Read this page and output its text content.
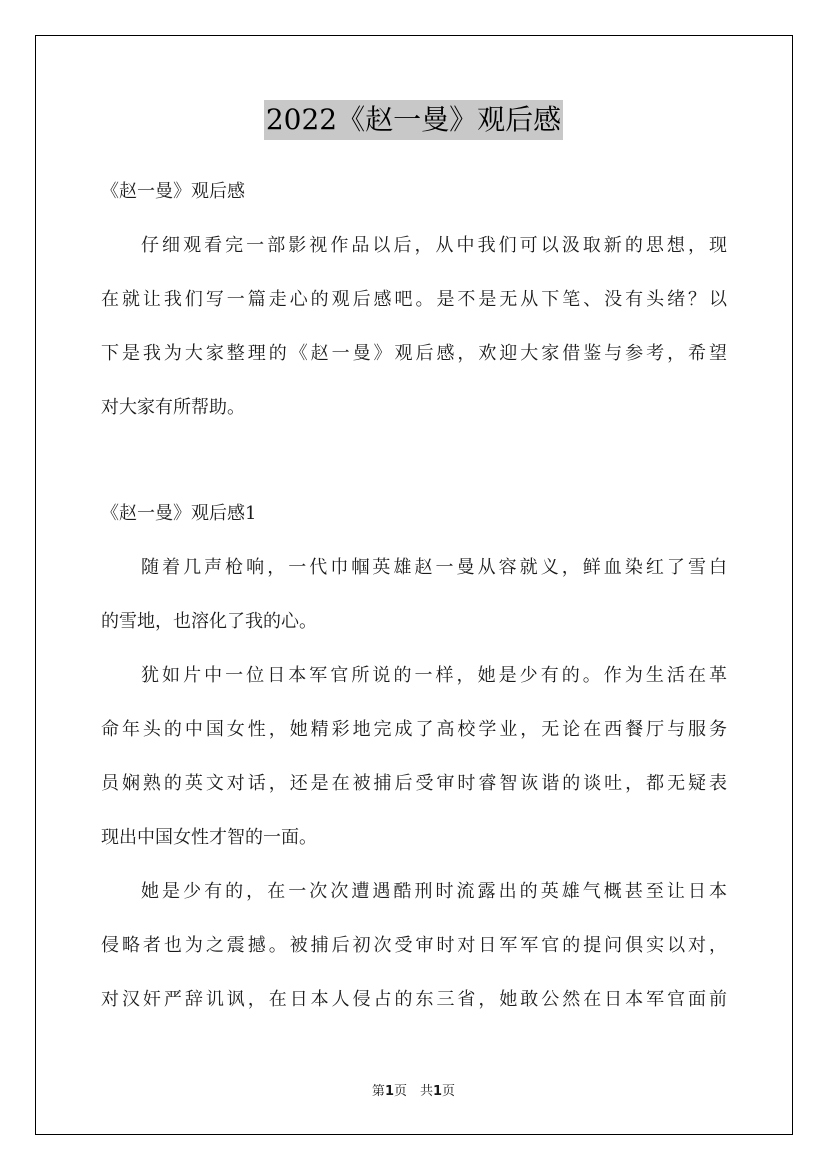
2022《赵一曼》观后感
《赵一曼》观后感
仔细观看完一部影视作品以后，从中我们可以汲取新的思想，现
在就让我们写一篇走心的观后感吧。是不是无从下笔、没有头绪？以
下是我为大家整理的《赵一曼》观后感，欢迎大家借鉴与参考，希望
对大家有所帮助。
《赵一曼》观后感1
随着几声枪响，一代巾帼英雄赵一曼从容就义，鲜血染红了雪白
的雪地，也溶化了我的心。
犹如片中一位日本军官所说的一样，她是少有的。作为生活在革
命年头的中国女性，她精彩地完成了高校学业，无论在西餐厅与服务
员娴熟的英文对话，还是在被捕后受审时睿智诙谐的谈吐，都无疑表
现出中国女性才智的一面。
她是少有的，在一次次遭遇酷刑时流露出的英雄气概甚至让日本
侵略者也为之震撼。被捕后初次受审时对日军军官的提问俱实以对，
对汉奸严辞讥讽，在日本人侵占的东三省，她敢公然在日本军官面前
第1页　共1页
